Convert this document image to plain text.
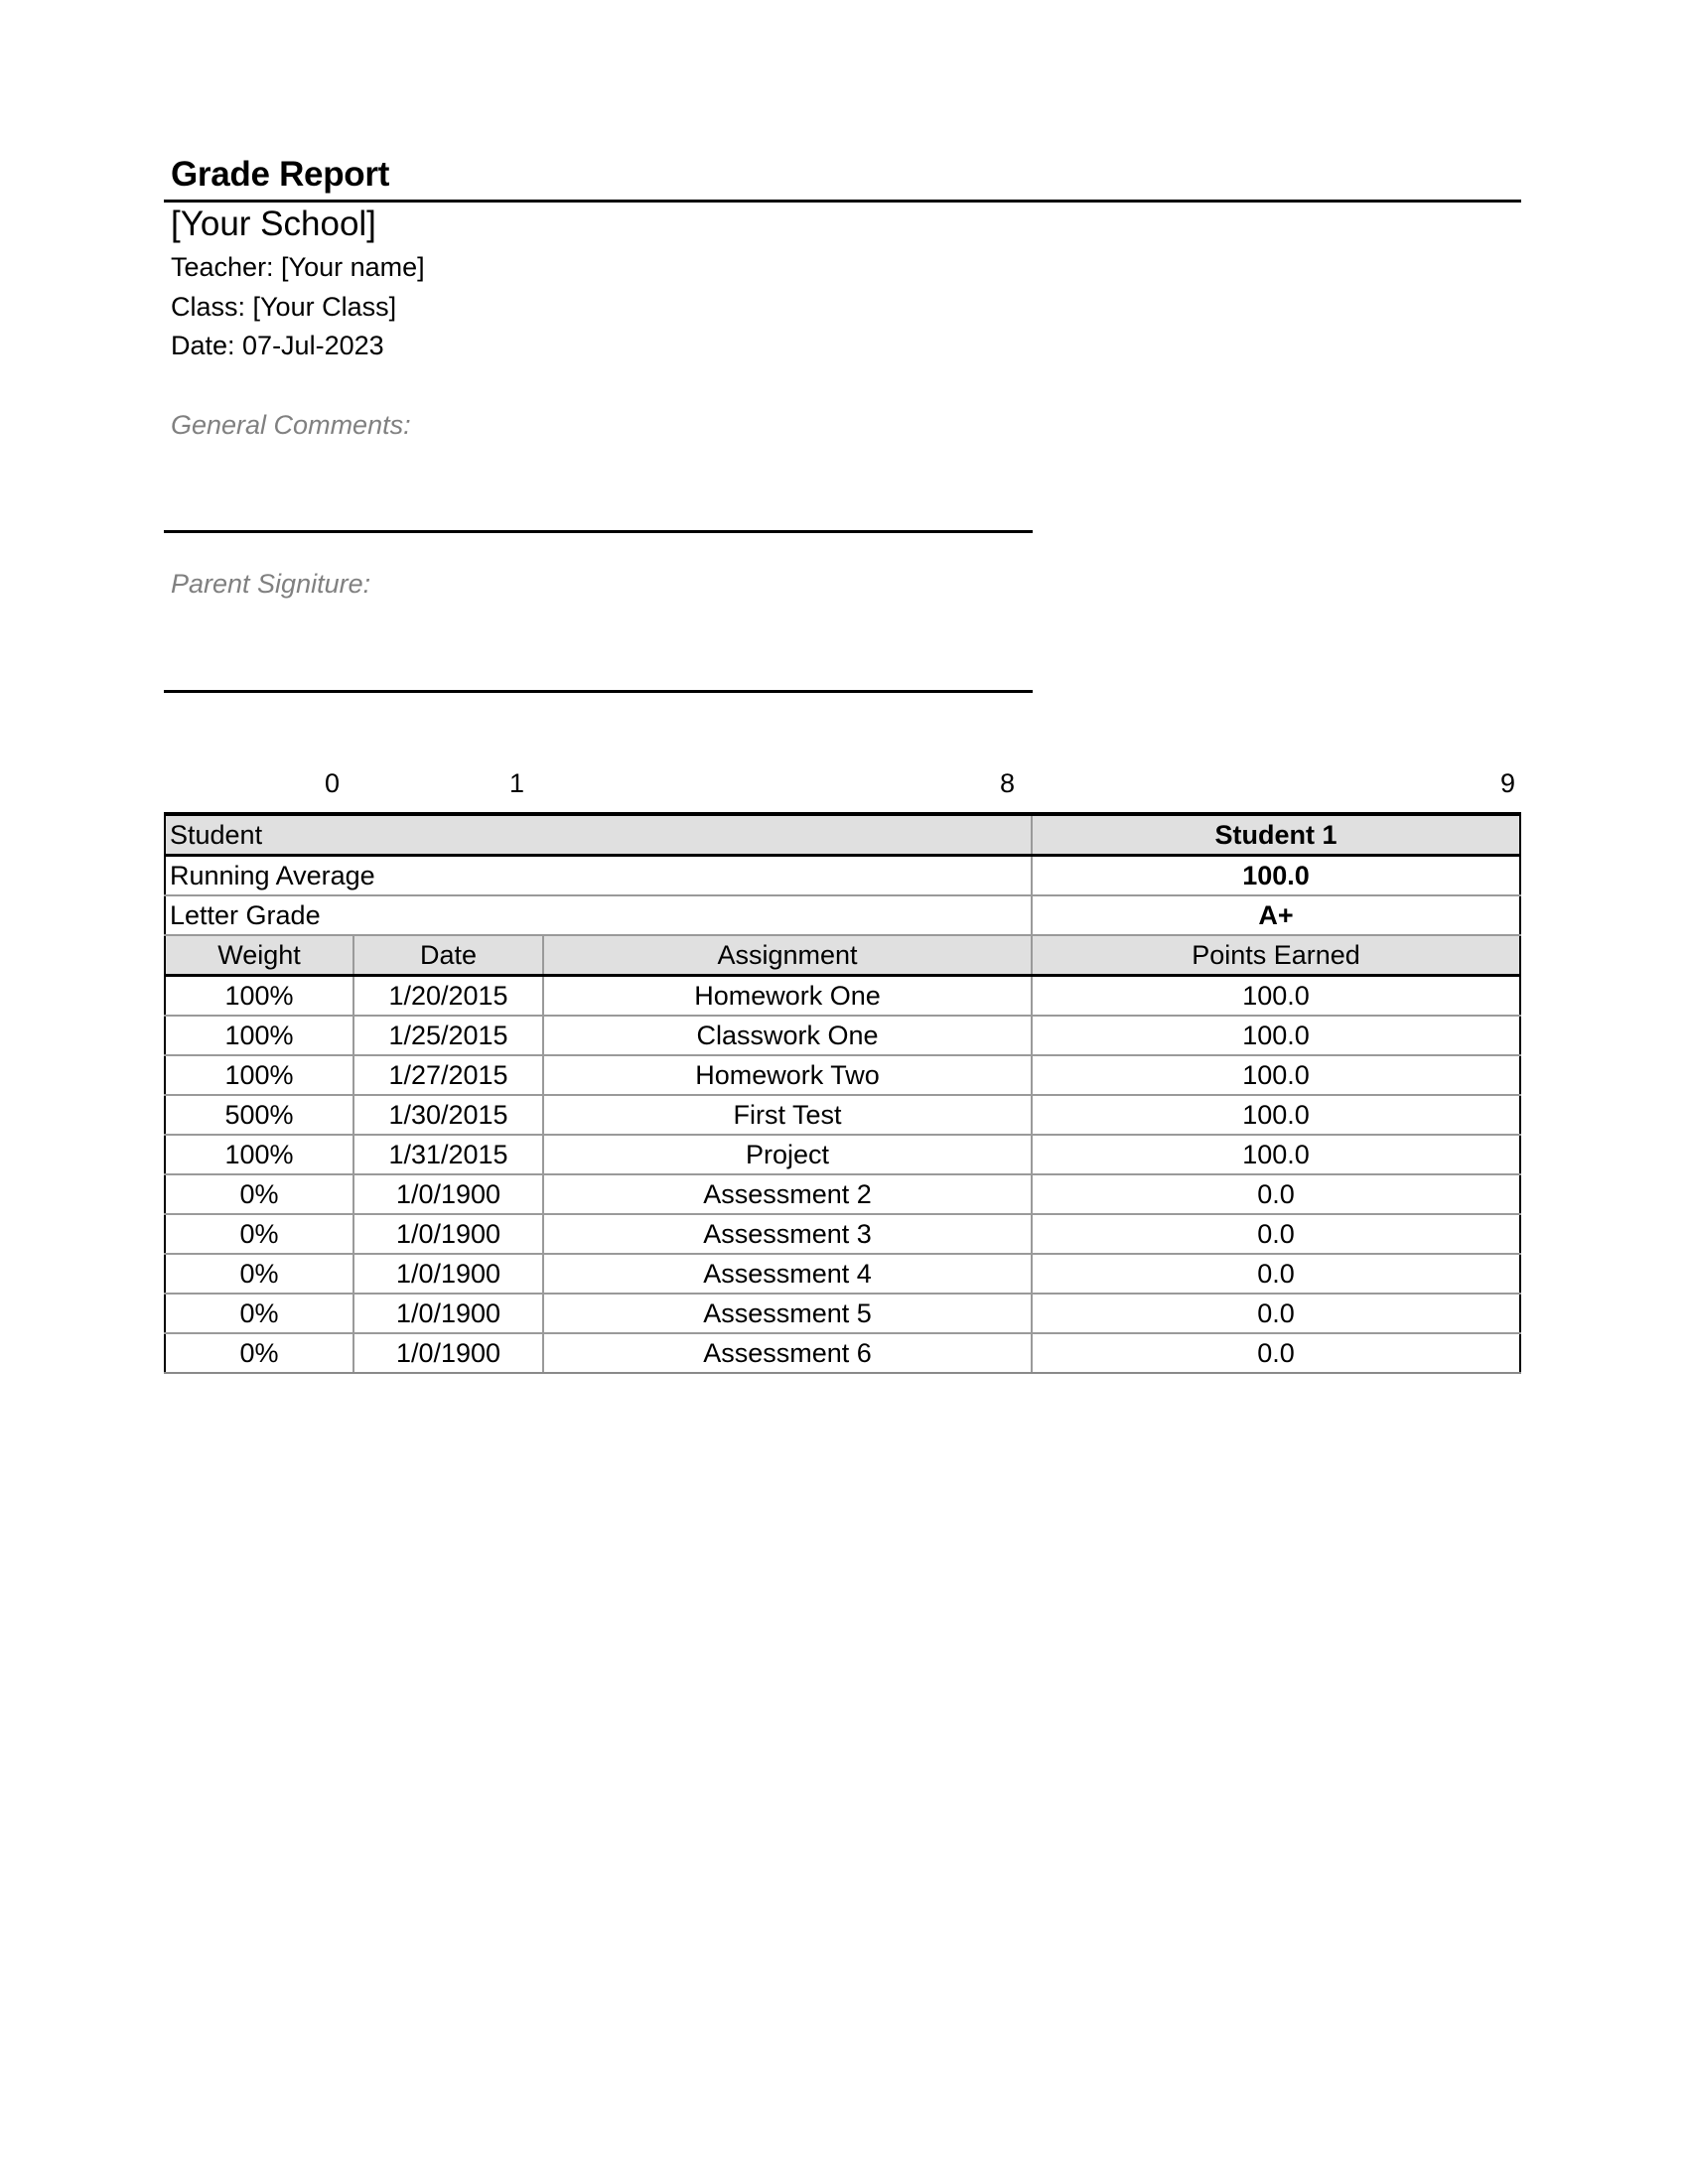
Grade Report
[Your School]
Teacher: [Your name]
Class: [Your Class]
Date: 07-Jul-2023
General Comments:
Parent Signiture:
0	1	8	9
Student			Student 1
Running Average			100.0
Letter Grade			A+
Weight	Date	Assignment	Points Earned
100%	1/20/2015	Homework One	100.0
100%	1/25/2015	Classwork One	100.0
100%	1/27/2015	Homework Two	100.0
500%	1/30/2015	First Test	100.0
100%	1/31/2015	Project	100.0
0%	1/0/1900	Assessment 2	0.0
0%	1/0/1900	Assessment 3	0.0
0%	1/0/1900	Assessment 4	0.0
0%	1/0/1900	Assessment 5	0.0
0%	1/0/1900	Assessment 6	0.0
